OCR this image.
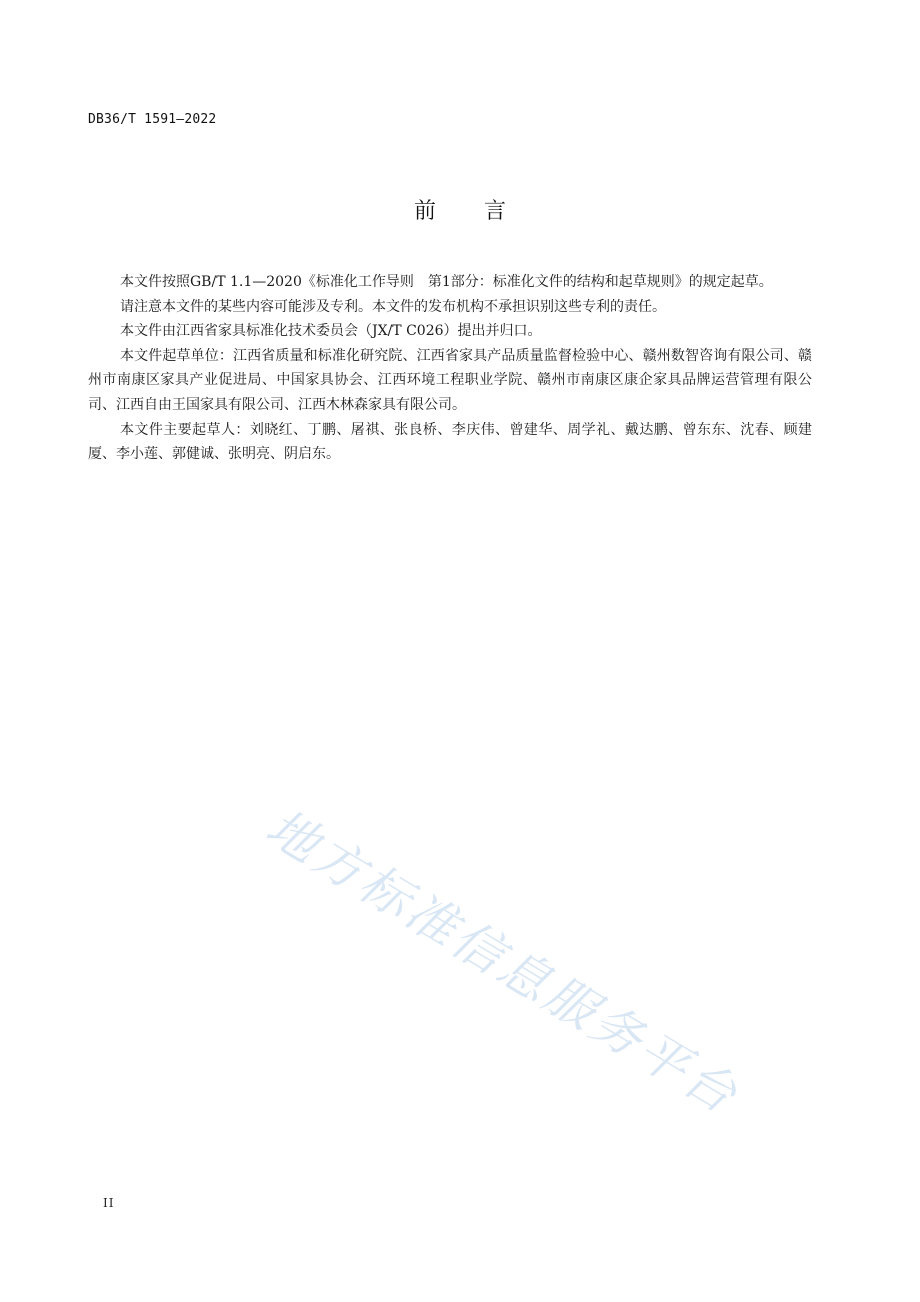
DB36/T 1591—2022
前言

本文件按照GB/T 1.1—2020《标准化工作导则　第1部分：标准化文件的结构和起草规则》的规定起草。

请注意本文件的某些内容可能涉及专利。本文件的发布机构不承担识别这些专利的责任。

本文件由江西省家具标准化技术委员会（JX/T C026）提出并归口。

本文件起草单位：江西省质量和标准化研究院、江西省家具产品质量监督检验中心、赣州数智咨询有限公司、赣州市南康区家具产业促进局、中国家具协会、江西环境工程职业学院、赣州市南康区康企家具品牌运营管理有限公司、江西自由王国家具有限公司、江西木林森家具有限公司。

本文件主要起草人：刘晓红、丁鹏、屠祺、张良桥、李庆伟、曾建华、周学礼、戴达鹏、曾东东、沈春、顾建厦、李小莲、郭健诚、张明亮、阴启东。

地方标准信息服务平台
II
